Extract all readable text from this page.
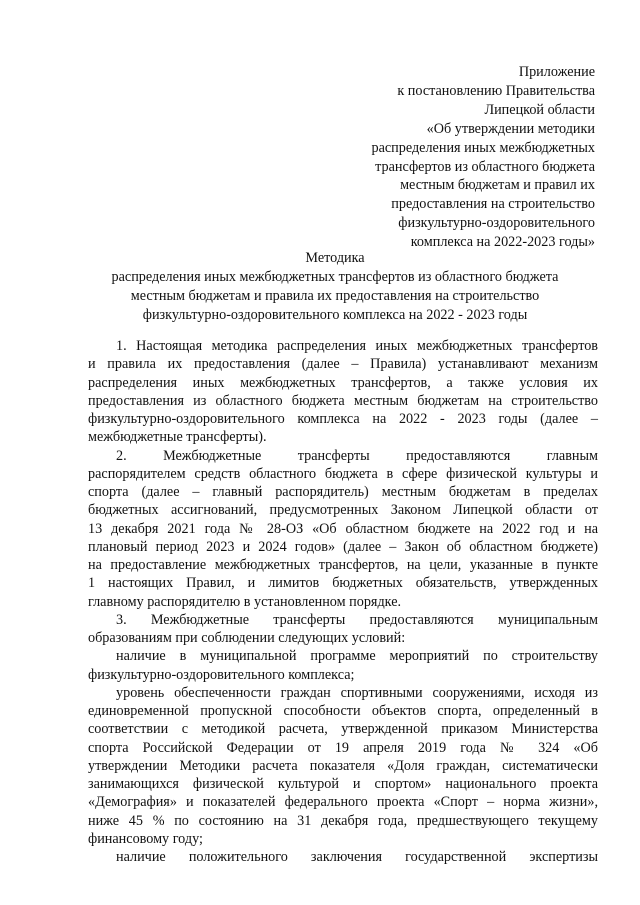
Приложение
к постановлению Правительства
Липецкой области
«Об утверждении методики
распределения иных межбюджетных
трансфертов из областного бюджета
местным бюджетам и правил их
предоставления на строительство
физкультурно-оздоровительного
комплекса на 2022-2023 годы»
Методика
распределения иных межбюджетных трансфертов из областного бюджета
местным бюджетам и правила их предоставления на строительство
физкультурно-оздоровительного комплекса на 2022 - 2023 годы
1. Настоящая методика распределения иных межбюджетных трансфертов
и правила их предоставления (далее – Правила) устанавливают механизм
распределения иных межбюджетных трансфертов, а также условия их
предоставления из областного бюджета местным бюджетам на строительство
физкультурно-оздоровительного комплекса на 2022 - 2023 годы (далее –
межбюджетные трансферты).
2. Межбюджетные трансферты предоставляются главным
распорядителем средств областного бюджета в сфере физической культуры и
спорта (далее – главный распорядитель) местным бюджетам в пределах
бюджетных ассигнований, предусмотренных Законом Липецкой области от
13 декабря 2021 года № 28-ОЗ «Об областном бюджете на 2022 год и на
плановый период 2023 и 2024 годов» (далее – Закон об областном бюджете)
на предоставление межбюджетных трансфертов, на цели, указанные в пункте
1 настоящих Правил, и лимитов бюджетных обязательств, утвержденных
главному распорядителю в установленном порядке.
3. Межбюджетные трансферты предоставляются муниципальным
образованиям при соблюдении следующих условий:
наличие в муниципальной программе мероприятий по строительству
физкультурно-оздоровительного комплекса;
уровень обеспеченности граждан спортивными сооружениями, исходя из
единовременной пропускной способности объектов спорта, определенный в
соответствии с методикой расчета, утвержденной приказом Министерства
спорта Российской Федерации от 19 апреля 2019 года № 324 «Об
утверждении Методики расчета показателя «Доля граждан, систематически
занимающихся физической культурой и спортом» национального проекта
«Демография» и показателей федерального проекта «Спорт – норма жизни»,
ниже 45 % по состоянию на 31 декабря года, предшествующего текущему
финансовому году;
наличие положительного заключения государственной экспертизы
